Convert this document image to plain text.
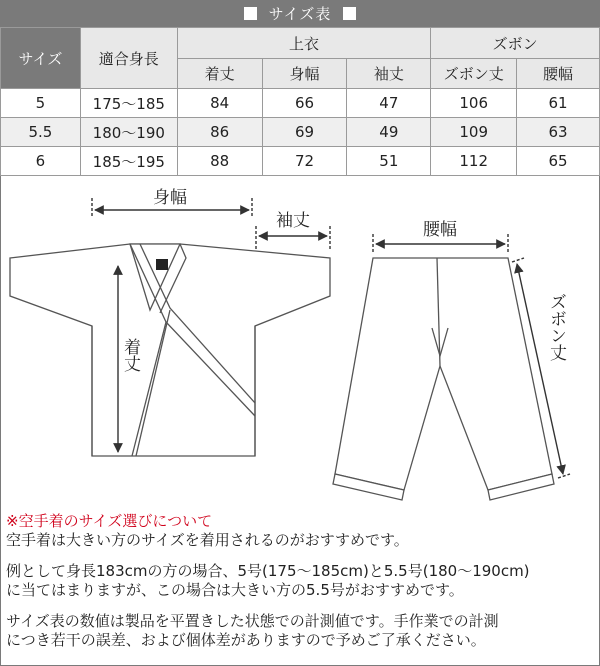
サイズ表
サイズ	適合身長	上衣			ズボン	
		着丈	身幅	袖丈	ズボン丈	腰幅
5	175〜185	84	66	47	106	61
5.5	180〜190	86	69	49	109	63
6	185〜195	88	72	51	112	65
身幅
袖丈	腰幅
着丈	ズボン丈

※空手着のサイズ選びについて

空手着は大きい方のサイズを着用されるのがおすすめです。

例として身長183cmの方の場合、5号(175〜185cm)と5.5号(180〜190cm)

に当てはまりますが、この場合は大きい方の5.5号がおすすめです。

サイズ表の数値は製品を平置きした状態での計測値です。手作業での計測

につき若干の誤差、および個体差がありますので予めご了承ください。
